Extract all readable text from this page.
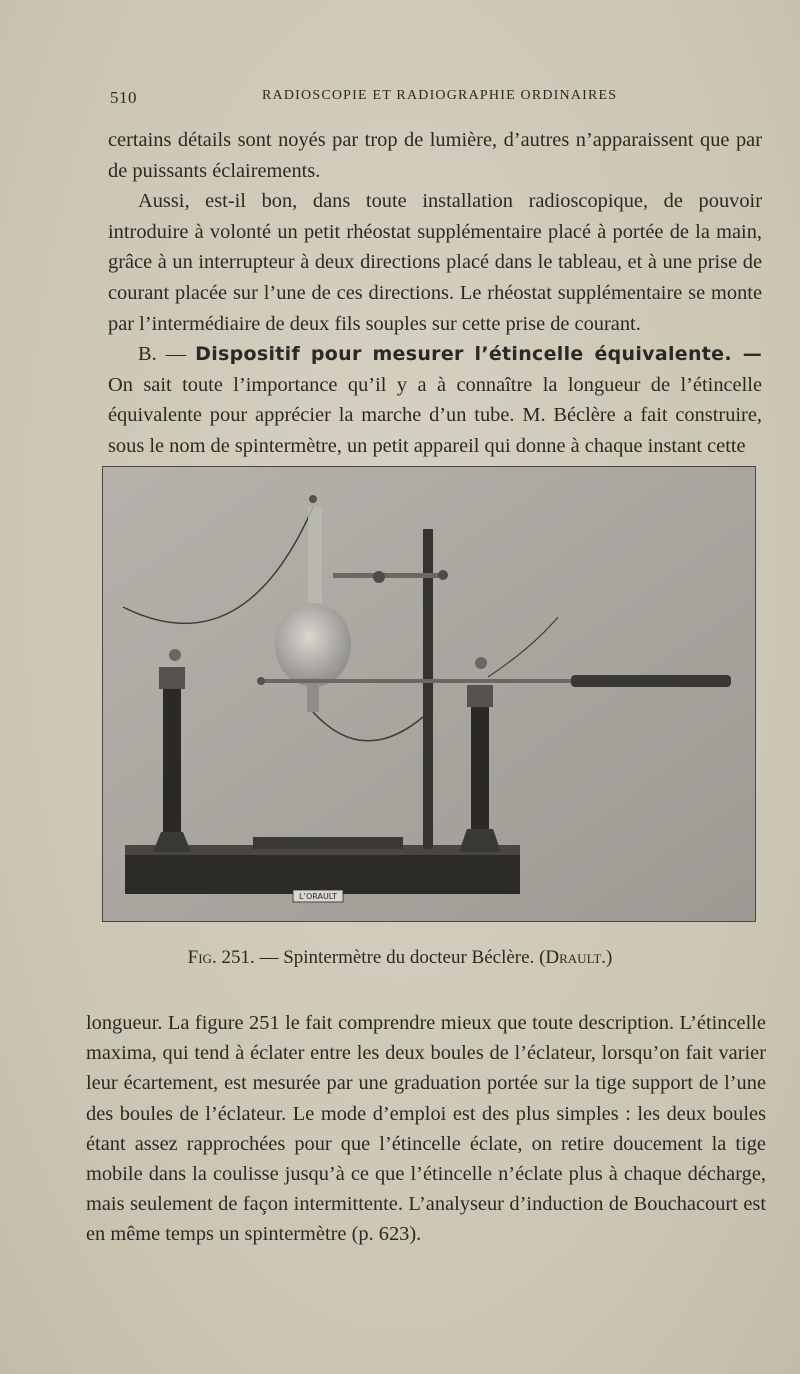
510	RADIOSCOPIE ET RADIOGRAPHIE ORDINAIRES

certains détails sont noyés par trop de lumière, d’autres n’apparaissent que par de puissants éclairements.

Aussi, est-il bon, dans toute installation radioscopique, de pouvoir introduire à volonté un petit rhéostat supplémentaire placé à portée de la main, grâce à un interrupteur à deux directions placé dans le tableau, et à une prise de courant placée sur l’une de ces directions. Le rhéostat supplémentaire se monte par l’intermédiaire de deux fils souples sur cette prise de courant.

B. — Dispositif pour mesurer l’étincelle équivalente. — On sait toute l’importance qu’il y a à connaître la longueur de l’étincelle équivalente pour apprécier la marche d’un tube. M. Béclère a fait construire, sous le nom de spintermètre, un petit appareil qui donne à chaque instant cette

L’ORAULT
Fig. 251. — Spintermètre du docteur Béclère. (Drault.)

longueur. La figure 251 le fait comprendre mieux que toute description. L’étincelle maxima, qui tend à éclater entre les deux boules de l’éclateur, lorsqu’on fait varier leur écartement, est mesurée par une graduation portée sur la tige support de l’une des boules de l’éclateur. Le mode d’emploi est des plus simples : les deux boules étant assez rapprochées pour que l’étincelle éclate, on retire doucement la tige mobile dans la coulisse jusqu’à ce que l’étincelle n’éclate plus à chaque décharge, mais seulement de façon intermittente. L’analyseur d’induction de Bouchacourt est en même temps un spintermètre (p. 623).
